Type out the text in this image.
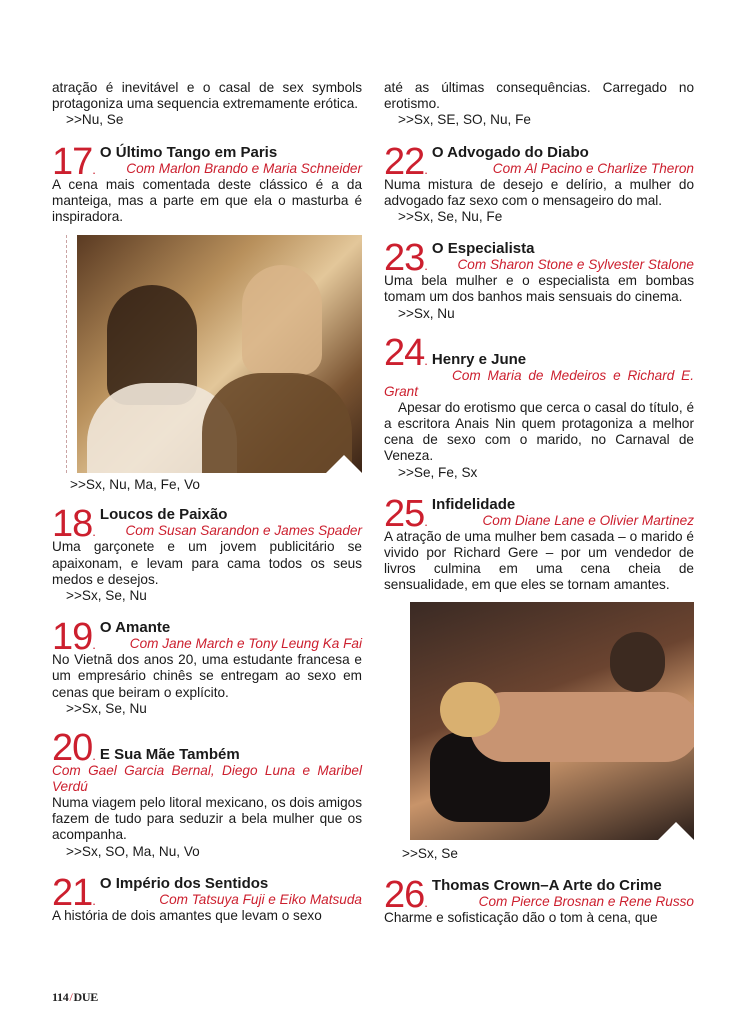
atração é inevitável e o casal de sex symbols protagoniza uma sequencia extremamente erótica.

>>Nu, Se

17 .
O Último Tango em Paris
Com Marlon Brando e Maria Schneider

A cena mais comentada deste clássico é a da manteiga, mas a parte em que ela o masturba é inspiradora.

>>Sx, Nu, Ma, Fe, Vo

18 .
Loucos de Paixão
Com Susan Sarandon e James Spader

Uma garçonete e um jovem publicitário se apaixonam, e levam para cama todos os seus medos e desejos.

>>Sx, Se, Nu

19 .
O Amante
Com Jane March e Tony Leung Ka Fai

No Vietnã dos anos 20, uma estudante francesa e um empresário chinês se entregam ao sexo em cenas que beiram o explícito.

>>Sx, Se, Nu

20 . E Sua Mãe Também
Com Gael Garcia Bernal, Diego Luna e Maribel Verdú

Numa viagem pelo litoral mexicano, os dois amigos fazem de tudo para seduzir a bela mulher que os acompanha.

>>Sx, SO, Ma, Nu, Vo

21 .
O Império dos Sentidos
Com Tatsuya Fuji e Eiko Matsuda

A história de dois amantes que levam o sexo

até as últimas consequências. Carregado no erotismo.

>>Sx, SE, SO, Nu, Fe

22 .
O Advogado do Diabo
Com Al Pacino e Charlize Theron

Numa mistura de desejo e delírio, a mulher do advogado faz sexo com o mensageiro do mal.

>>Sx, Se, Nu, Fe

23 .
O Especialista
Com Sharon Stone e Sylvester Stalone

Uma bela mulher e o especialista em bombas tomam um dos banhos mais sensuais do cinema.

>>Sx, Nu

24 . Henry e June
Com Maria de Medeiros e Richard E. Grant

Apesar do erotismo que cerca o casal do título, é a escritora Anais Nin quem protagoniza a melhor cena de sexo com o marido, no Carnaval de Veneza.

>>Se, Fe, Sx

25 .
Infidelidade
Com Diane Lane e Olivier Martinez

A atração de uma mulher bem casada – o marido é vivido por Richard Gere – por um vendedor de livros culmina em uma cena cheia de sensualidade, em que eles se tornam amantes.

>>Sx, Se

26 .
Thomas Crown–A Arte do Crime
Com Pierce Brosnan e Rene Russo

Charme e sofisticação dão o tom à cena, que

114/DUE
